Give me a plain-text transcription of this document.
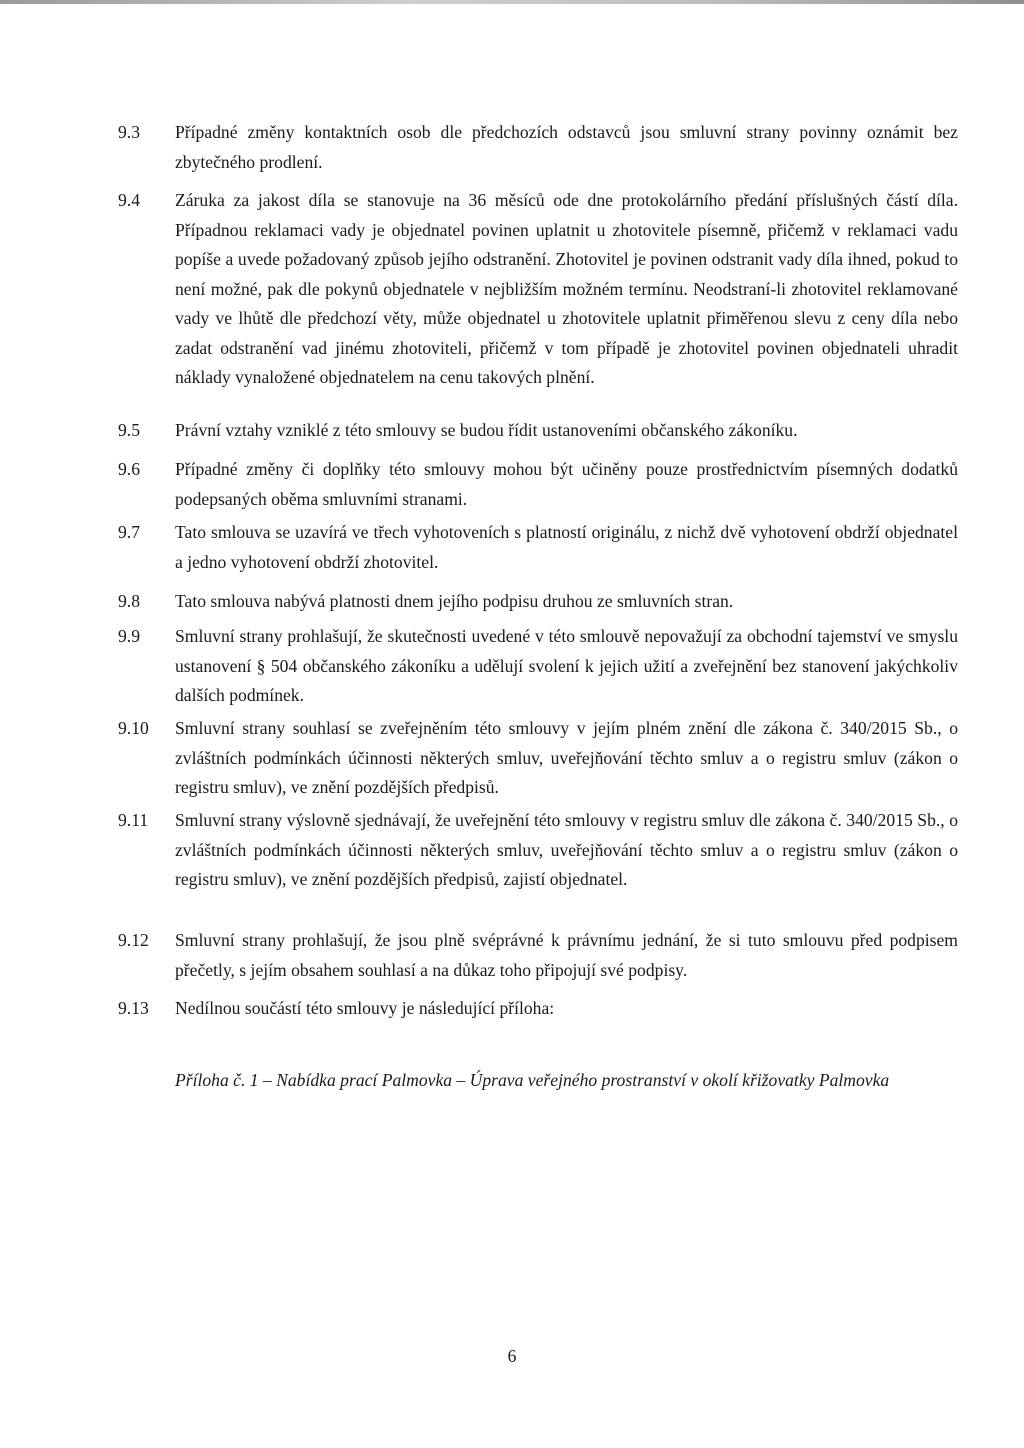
9.3	Případné změny kontaktních osob dle předchozích odstavců jsou smluvní strany povinny oznámit bez zbytečného prodlení.
9.4	Záruka za jakost díla se stanovuje na 36 měsíců ode dne protokolárního předání příslušných částí díla. Případnou reklamaci vady je objednatel povinen uplatnit u zhotovitele písemně, přičemž v reklamaci vadu popíše a uvede požadovaný způsob jejího odstranění. Zhotovitel je povinen odstranit vady díla ihned, pokud to není možné, pak dle pokynů objednatele v nejbližším možném termínu. Neodstraní-li zhotovitel reklamované vady ve lhůtě dle předchozí věty, může objednatel u zhotovitele uplatnit přiměřenou slevu z ceny díla nebo zadat odstranění vad jinému zhotoviteli, přičemž v tom případě je zhotovitel povinen objednateli uhradit náklady vynaložené objednatelem na cenu takových plnění.
9.5	Právní vztahy vzniklé z této smlouvy se budou řídit ustanoveními občanského zákoníku.
9.6	Případné změny či doplňky této smlouvy mohou být učiněny pouze prostřednictvím písemných dodatků podepsaných oběma smluvními stranami.
9.7	Tato smlouva se uzavírá ve třech vyhotoveních s platností originálu, z nichž dvě vyhotovení obdrží objednatel a jedno vyhotovení obdrží zhotovitel.
9.8	Tato smlouva nabývá platnosti dnem jejího podpisu druhou ze smluvních stran.
9.9	Smluvní strany prohlašují, že skutečnosti uvedené v této smlouvě nepovažují za obchodní tajemství ve smyslu ustanovení § 504 občanského zákoníku a udělují svolení k jejich užití a zveřejnění bez stanovení jakýchkoliv dalších podmínek.
9.10	Smluvní strany souhlasí se zveřejněním této smlouvy v jejím plném znění dle zákona č. 340/2015 Sb., o zvláštních podmínkách účinnosti některých smluv, uveřejňování těchto smluv a o registru smluv (zákon o registru smluv), ve znění pozdějších předpisů.
9.11	Smluvní strany výslovně sjednávají, že uveřejnění této smlouvy v registru smluv dle zákona č. 340/2015 Sb., o zvláštních podmínkách účinnosti některých smluv, uveřejňování těchto smluv a o registru smluv (zákon o registru smluv), ve znění pozdějších předpisů, zajistí objednatel.
9.12	Smluvní strany prohlašují, že jsou plně svéprávné k právnímu jednání, že si tuto smlouvu před podpisem přečetly, s jejím obsahem souhlasí a na důkaz toho připojují své podpisy.
9.13	Nedílnou součástí této smlouvy je následující příloha:
Příloha č. 1 – Nabídka prací Palmovka – Úprava veřejného prostranství v okolí křižovatky Palmovka
6
